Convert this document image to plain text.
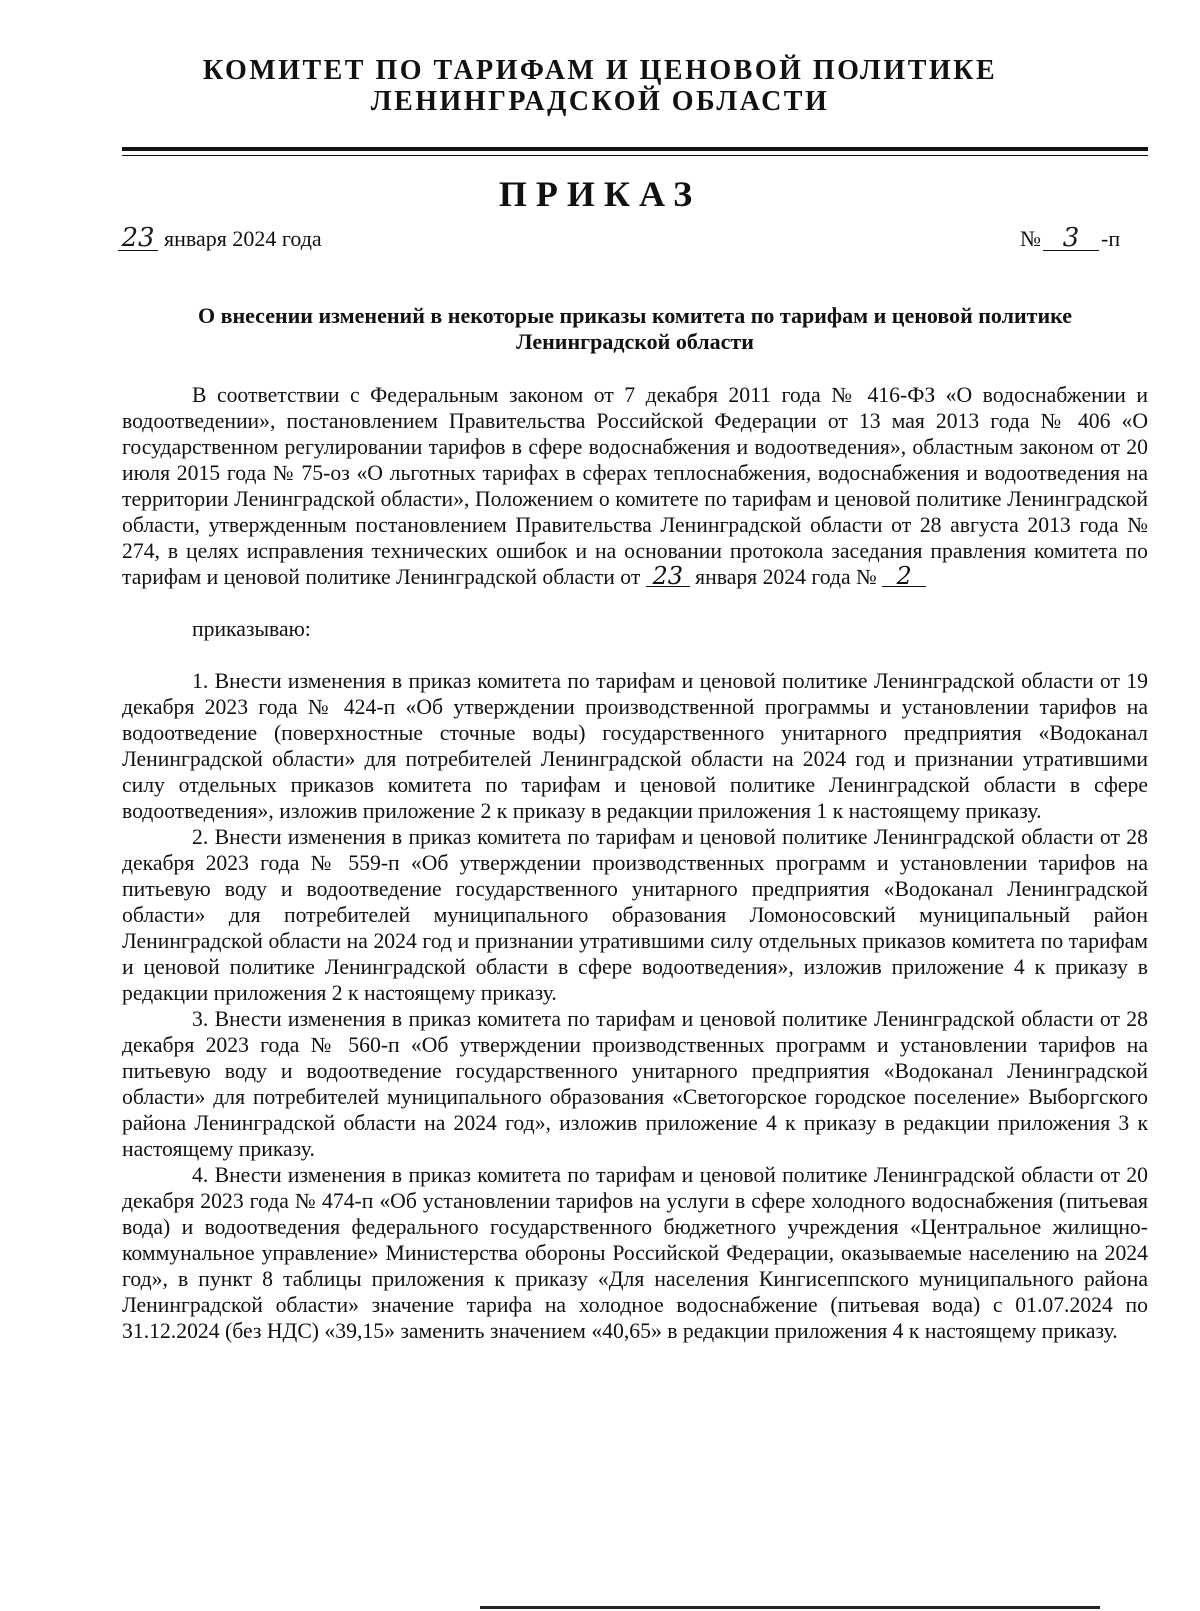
КОМИТЕТ ПО ТАРИФАМ И ЦЕНОВОЙ ПОЛИТИКЕ
ЛЕНИНГРАДСКОЙ ОБЛАСТИ
ПРИКАЗ
23 января 2024 года	№ 3 -п
О внесении изменений в некоторые приказы комитета по тарифам и ценовой политике
Ленинградской области

В соответствии с Федеральным законом от 7 декабря 2011 года № 416-ФЗ «О водоснабжении и водоотведении», постановлением Правительства Российской Федерации от 13 мая 2013 года № 406 «О государственном регулировании тарифов в сфере водоснабжения и водоотведения», областным законом от 20 июля 2015 года № 75-оз «О льготных тарифах в сферах теплоснабжения, водоснабжения и водоотведения на территории Ленинградской области», Положением о комитете по тарифам и ценовой политике Ленинградской области, утвержденным постановлением Правительства Ленинградской области от 28 августа 2013 года № 274, в целях исправления технических ошибок и на основании протокола заседания правления комитета по тарифам и ценовой политике Ленинградской области от 23 января 2024 года № 2

приказываю:

1. Внести изменения в приказ комитета по тарифам и ценовой политике Ленинградской области от 19 декабря 2023 года № 424-п «Об утверждении производственной программы и установлении тарифов на водоотведение (поверхностные сточные воды) государственного унитарного предприятия «Водоканал Ленинградской области» для потребителей Ленинградской области на 2024 год и признании утратившими силу отдельных приказов комитета по тарифам и ценовой политике Ленинградской области в сфере водоотведения», изложив приложение 2 к приказу в редакции приложения 1 к настоящему приказу.

2. Внести изменения в приказ комитета по тарифам и ценовой политике Ленинградской области от 28 декабря 2023 года № 559-п «Об утверждении производственных программ и установлении тарифов на питьевую воду и водоотведение государственного унитарного предприятия «Водоканал Ленинградской области» для потребителей муниципального образования Ломоносовский муниципальный район Ленинградской области на 2024 год и признании утратившими силу отдельных приказов комитета по тарифам и ценовой политике Ленинградской области в сфере водоотведения», изложив приложение 4 к приказу в редакции приложения 2 к настоящему приказу.

3. Внести изменения в приказ комитета по тарифам и ценовой политике Ленинградской области от 28 декабря 2023 года № 560-п «Об утверждении производственных программ и установлении тарифов на питьевую воду и водоотведение государственного унитарного предприятия «Водоканал Ленинградской области» для потребителей муниципального образования «Светогорское городское поселение» Выборгского района Ленинградской области на 2024 год», изложив приложение 4 к приказу в редакции приложения 3 к настоящему приказу.

4. Внести изменения в приказ комитета по тарифам и ценовой политике Ленинградской области от 20 декабря 2023 года № 474-п «Об установлении тарифов на услуги в сфере холодного водоснабжения (питьевая вода) и водоотведения федерального государственного бюджетного учреждения «Центральное жилищно-коммунальное управление» Министерства обороны Российской Федерации, оказываемые населению на 2024 год», в пункт 8 таблицы приложения к приказу «Для населения Кингисеппского муниципального района Ленинградской области» значение тарифа на холодное водоснабжение (питьевая вода) с 01.07.2024 по 31.12.2024 (без НДС) «39,15» заменить значением «40,65» в редакции приложения 4 к настоящему приказу.
